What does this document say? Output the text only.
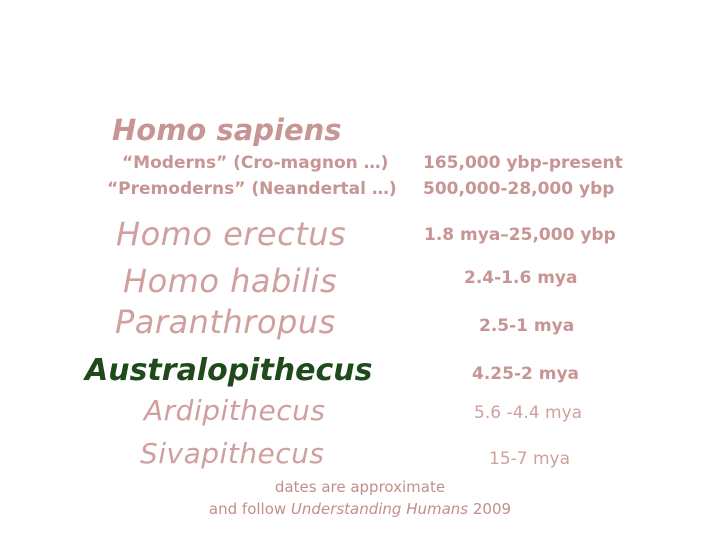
Homo sapiens
“Moderns” (Cro-magnon …) 165,000 ybp-present
“Premoderns” (Neandertal …) 500,000-28,000 ybp
Homo erectus	1.8 mya–25,000 ybp
Homo habilis	2.4-1.6 mya
Paranthropus	2.5-1 mya
Australopithecus	4.25-2 mya
Ardipithecus	5.6 -4.4 mya
Sivapithecus	15-7 mya
dates are approximate
and follow Understanding Humans 2009
